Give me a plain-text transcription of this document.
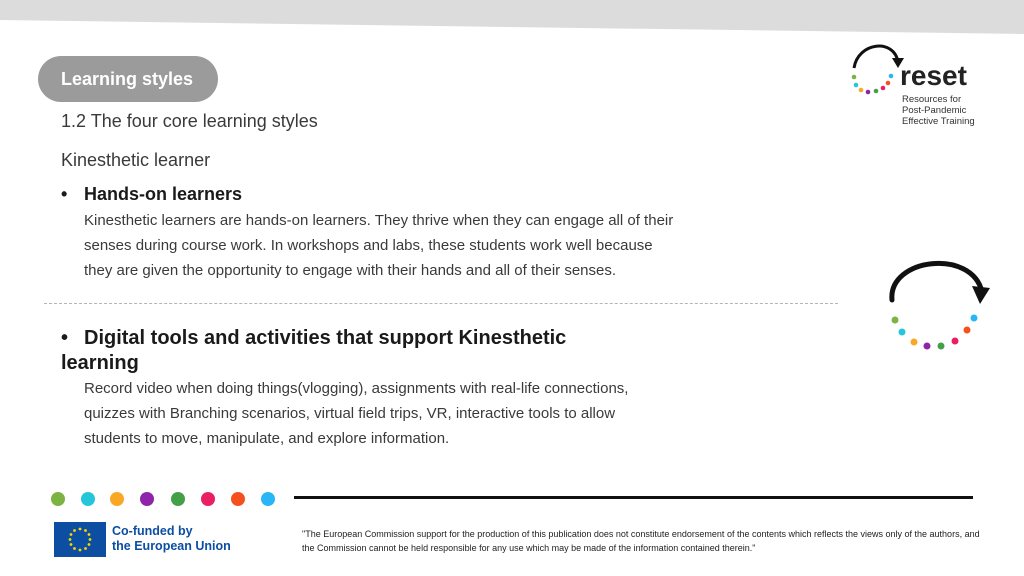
Learning styles
1.2 The four core learning styles
Kinesthetic learner
• Hands-on learners
Kinesthetic learners are hands-on learners. They thrive when they can engage all of their senses during course work. In workshops and labs, these students work well because they are given the opportunity to engage with their hands and all of their senses.
• Digital tools and activities that support Kinesthetic learning
Record video when doing things(vlogging), assignments with real-life connections, quizzes with Branching scenarios, virtual field trips, VR, interactive tools to allow students to move, manipulate, and explore information.
reset
Resources for
Post-Pandemic
Effective Training
Co-funded by
the European Union
"The European Commission support for the production of this publication does not constitute endorsement of the contents which reflects the views only of the authors, and the Commission cannot be held responsible for any use which may be made of the information contained therein."
